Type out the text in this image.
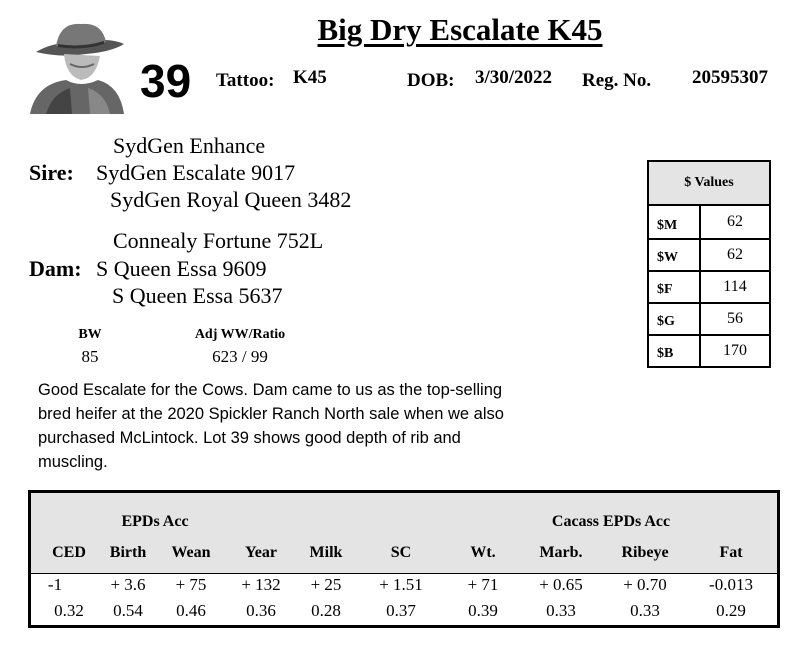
Big Dry Escalate K45
39 Tattoo: K45	DOB: 3/30/2022 Reg. No. 20595307
SydGen Enhance
Sire: SydGen Escalate 9017
SydGen Royal Queen 3482
Connealy Fortune 752L
Dam: S Queen Essa 9609
S Queen Essa 5637
BW
85
Adj WW/Ratio
623 / 99
Good Escalate for the Cows. Dam came to us as the top-selling bred heifer at the 2020 Spickler Ranch North sale when we also purchased McLintock. Lot 39 shows good depth of rib and muscling.
$ Values
$M	62
$W	62
$F	114
$G	56
$B	170
EPDs Acc	Cacass EPDs Acc
CED	Birth	Wean	Year	Milk	SC	Wt.	Marb.	Ribeye	Fat
-1	+ 3.6	+ 75	+ 132	+ 25	+ 1.51	+ 71	+ 0.65	+ 0.70	-0.013
0.32	0.54	0.46	0.36	0.28	0.37	0.39	0.33	0.33	0.29
